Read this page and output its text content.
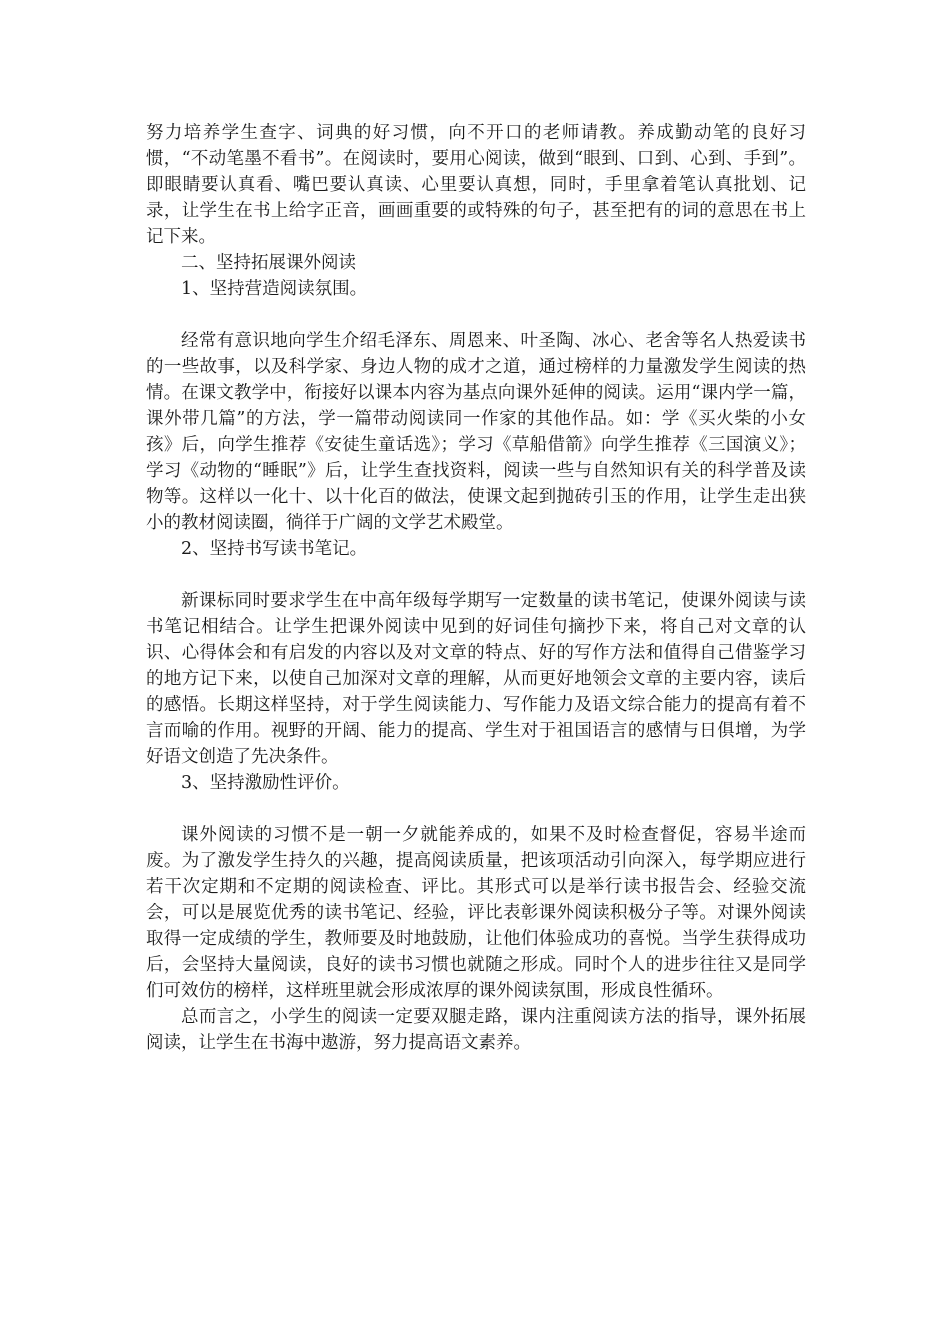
努力培养学生查字、词典的好习惯，向不开口的老师请教。养成勤动笔的良好习惯，“不动笔墨不看书”。在阅读时，要用心阅读，做到“眼到、口到、心到、手到”。即眼睛要认真看、嘴巴要认真读、心里要认真想，同时，手里拿着笔认真批划、记录，让学生在书上给字正音，画画重要的或特殊的句子，甚至把有的词的意思在书上记下来。

二、坚持拓展课外阅读

1、坚持营造阅读氛围。

经常有意识地向学生介绍毛泽东、周恩来、叶圣陶、冰心、老舍等名人热爱读书的一些故事，以及科学家、身边人物的成才之道，通过榜样的力量激发学生阅读的热情。在课文教学中，衔接好以课本内容为基点向课外延伸的阅读。运用“课内学一篇，课外带几篇”的方法，学一篇带动阅读同一作家的其他作品。如：学《买火柴的小女孩》后，向学生推荐《安徒生童话选》；学习《草船借箭》向学生推荐《三国演义》；学习《动物的“睡眠”》后，让学生查找资料，阅读一些与自然知识有关的科学普及读物等。这样以一化十、以十化百的做法，使课文起到抛砖引玉的作用，让学生走出狭小的教材阅读圈，徜徉于广阔的文学艺术殿堂。

2、坚持书写读书笔记。

新课标同时要求学生在中高年级每学期写一定数量的读书笔记，使课外阅读与读书笔记相结合。让学生把课外阅读中见到的好词佳句摘抄下来，将自己对文章的认识、心得体会和有启发的内容以及对文章的特点、好的写作方法和值得自己借鉴学习的地方记下来，以使自己加深对文章的理解，从而更好地领会文章的主要内容，读后的感悟。长期这样坚持，对于学生阅读能力、写作能力及语文综合能力的提高有着不言而喻的作用。视野的开阔、能力的提高、学生对于祖国语言的感情与日俱增，为学好语文创造了先决条件。

3、坚持激励性评价。

课外阅读的习惯不是一朝一夕就能养成的，如果不及时检查督促，容易半途而废。为了激发学生持久的兴趣，提高阅读质量，把该项活动引向深入，每学期应进行若干次定期和不定期的阅读检查、评比。其形式可以是举行读书报告会、经验交流会，可以是展览优秀的读书笔记、经验，评比表彰课外阅读积极分子等。对课外阅读取得一定成绩的学生，教师要及时地鼓励，让他们体验成功的喜悦。当学生获得成功后，会坚持大量阅读，良好的读书习惯也就随之形成。同时个人的进步往往又是同学们可效仿的榜样，这样班里就会形成浓厚的课外阅读氛围，形成良性循环。

总而言之，小学生的阅读一定要双腿走路，课内注重阅读方法的指导，课外拓展阅读，让学生在书海中遨游，努力提高语文素养。
